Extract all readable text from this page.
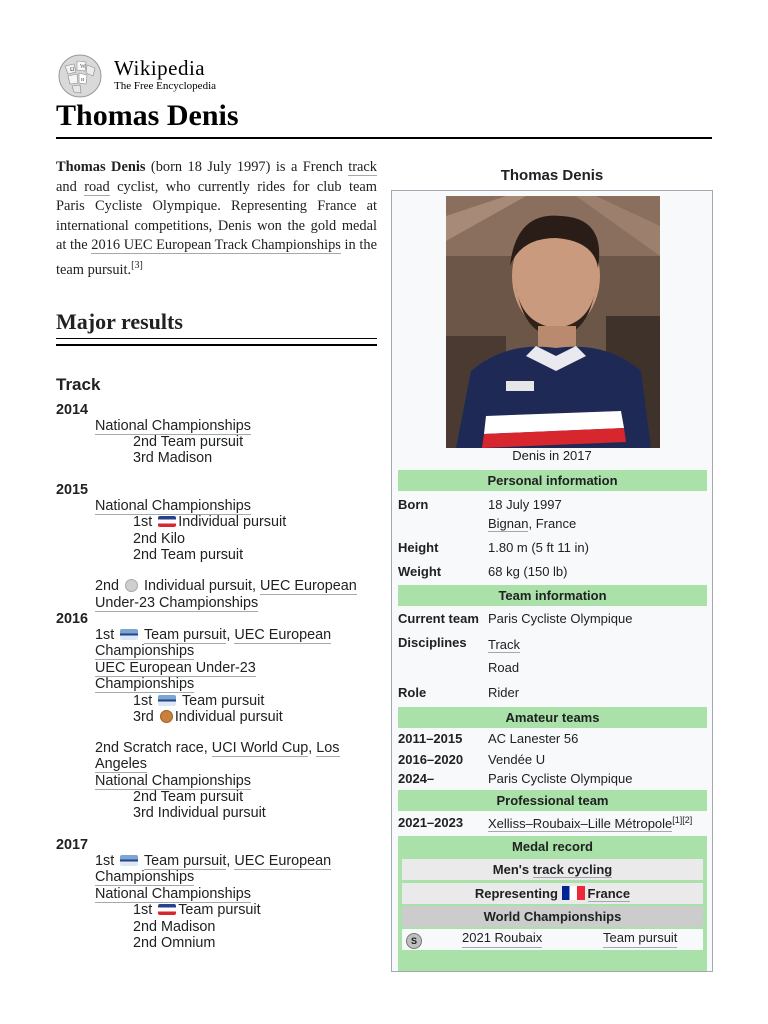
Ω W
и Wikipedia
The Free Encyclopedia
Thomas Denis

Thomas Denis (born 18 July 1997) is a French track and road cyclist, who currently rides for club team Paris Cycliste Olympique. Representing France at international competitions, Denis won the gold medal at the 2016 UEC European Track Championships in the team pursuit.[3]

Major results
Track
2014
National Championships
2nd Team pursuit
3rd Madison
2015
National Championships
1st Individual pursuit
2nd Kilo
2nd Team pursuit
2nd Individual pursuit, UEC European
Under-23 Championships
2016
1st Team pursuit, UEC European
Championships
UEC European Under-23
Championships
1st Team pursuit
3rd Individual pursuit
2nd Scratch race, UCI World Cup, Los
Angeles
National Championships
2nd Team pursuit
3rd Individual pursuit
2017
1st Team pursuit, UEC European
Championships
National Championships
1st Team pursuit
2nd Madison
2nd Omnium
Thomas Denis
Denis in 2017
Personal information
Born	18 July 1997
Bignan, France
Height	1.80 m (5 ft 11 in)
Weight	68 kg (150 lb)
Team information
Current team Paris Cycliste Olympique
Disciplines Track
Road
Role	Rider
Amateur teams
2011–2015 AC Lanester 56
2016–2020 Vendée U
2024–	Paris Cycliste Olympique
Professional team
2021–2023 Xelliss–Roubaix–Lille Métropole[1][2]
Medal record
Men's track cycling
Representing France
World Championships
S	2021 Roubaix	Team pursuit
